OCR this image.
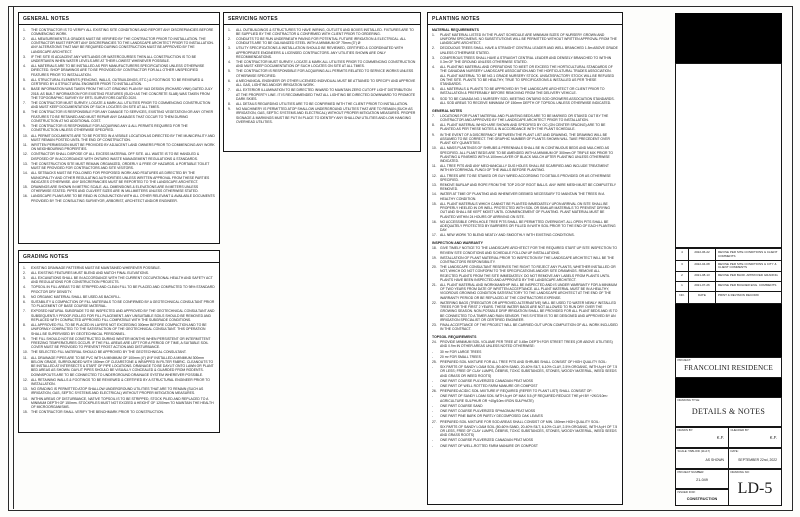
GENERAL NOTES
1.	THE CONTRACTOR IS TO VERIFY ALL EXISTING SITE CONDITIONS AND REPORT ANY DISCREPANCIES BEFORE COMMENCING WORK.
2.	ALL MEASUREMENTS & GRADES MUST BE VERIFIED BY THE CONTRACTOR PRIOR TO INSTALLATION. THE CONTRACTOR MUST REPORT ANY DISCREPANCIES TO THE LANDSCAPE ARCHITECT PRIOR TO INSTALLATION. ANY ALTERATIONS THAT MAY BE REQUIRED DURING CONSTRUCTION MUST BE APPROVED BY THE LANDSCAPE ARCHITECT.
3.	IF THE SITE IS ADJACENT ANY WETLANDS OR WATERCOURSES THEN ALL CONSTRUCTION IS TO BE UNDERTAKEN WHEN WATER LEVELS ARE AT THEIR LOWEST WHENEVER POSSIBLE.
4.	ALL MATERIALS ARE TO BE INSTALLED AS PER MANUFACTURERS SPECIFICATIONS UNLESS OTHERWISE DIRECTED. SHOP DRAWINGS ARE TO BE PROVIDED BY CONTRACTOR FOR ALL OTHER UNSPECIFIED FEATURES PRIOR TO INSTALLATION.
5.	ALL STRUCTURAL ELEMENTS (FENCING, WALLS, OUTBUILDINGS, ETC.) & FOOTINGS TO BE REVIEWED & CERTIFIED BY A STRUCTURAL ENGINEER PRIOR TO INSTALLATION.
6.	BASE INFORMATION WAS TAKEN FROM THE LOT GRADING PLAN BY VA3 DESIGN (RICHARD VINK) DATED JULY 2018. AS BUILT INFORMATION FOR EXISTING FEATURES (SUCH AS THE CONCRETE SLAB) WAS TAKEN FROM THE TOPOGRAPHIC SURVEY BY ERTL SURVEYORS DATED 2020.
7.	THE CONTRACTOR MUST SURVEY, LOCATE & MARK ALL UTILITIES PRIOR TO COMMENCING CONSTRUCTION AND MUST KEEP DOCUMENTATION OF SUCH LOCATES ON SITE AT ALL TIMES.
8.	THE CONTRACTOR IS RESPONSIBLE FOR ANY DAMAGE TO SERVICES, EXISTING VEGETATION OR ANY OTHER FEATURES TO BE RETAINED AND MUST REPAIR ANY DAMAGES THAT OCCUR TO THEM DURING CONSTRUCTION AT NO ADDITIONAL COST.
9.	THE CONTRACTOR IS RESPONSIBLE FOR ACQUIRING ANY & ALL PERMITS REQUIRED FOR THE CONSTRUCTION UNLESS OTHERWISE SPECIFIED.
10. ALL PERMIT DOCUMENTS ARE TO BE POSTED IN A VISIBLE LOCATION AS DIRECTED BY THE MUNICIPALITY AND MUST REMAIN POSTED UNTIL THE END OF CONSTRUCTION.
11.	WRITTEN PERMISSION MUST BE PROVIDED BY ADJACENT LAND OWNERS PRIOR TO COMMENCING ANY WORK ON NEIGHBOURING PROPERTIES.
12. CONTRACTOR SHALL DISPOSE OF ALL EXCESS MATERIAL OFF SITE. ALL WASTE IS TO BE HANDLED & DISPOSED OF IN ACCORDANCE WITH ONTARIO WASTE MANAGEMENT REGULATIONS & STANDARDS.
13. THE CONSTRUCTION SITE MUST REMAIN ORGANIZED, ORDERLY & FREE OF HAZARDS. A PORTABLE TOILET MUST BE PROVIDED FOR CONTRACTORS AND SITE VISITORS.
14. ALL SETBACKS MUST BE FOLLOWED FOR PROPOSED WORK AND FEATURES AS DIRECTED BY THE MUNICIPALITY AND OTHER REGULATING AUTHORITIES UNLESS WRITTEN APPROVAL FROM THESE PARTIES INDICATES OTHERWISE. ANY DISCREPANCIES MUST BE REPORTED TO THE LANDSCAPE ARCHITECT.
15. DRAWINGS ARE SHOWN IN METRIC SCALE. ALL DIMENSIONS & ELEVATIONS ARE IN METERS UNLESS OTHERWISE STATED. PIPES AND CULVERT SIZES ARE IN MILLIMETERS UNLESS OTHERWISE STATED.
16. LANDSCAPE PLANS ARE TO BE READ IN CONJUNCTION WITH ALL OTHER RELEVANT & AVAILABLE DOCUMENTS PROVIDED BY THE CONSULTING SURVEYOR, ARBORIST, ARCHITECT AND/OR ENGINEER.
GRADING NOTES
1.	EXISTING DRAINAGE PATTERNS MUST BE MAINTAINED WHEREVER POSSIBLE.
2.	ALL EXISTING FEATURES MUST BLEND AND MATCH FINAL ELEVATIONS.
3.	ALL EXCAVATIONS SHALL BE IN ACCORDANCE WITH THE CURRENT OCCUPATIONAL HEALTH AND SAFETY ACT AND REGULATIONS FOR CONSTRUCTION PROJECTS.
4.	TOPSOIL IN FILL AREAS TO BE STRIPPED AND CLEAN FILL TO BE PLACED AND COMPACTED TO 98% STANDARD PROCTOR DRY DENSITY.
5.	NO ORGANIC MATERIAL SHALL BE USED AS BACKFILL.
6.	SUITABILITY & COMPACTION OF FILL MATERIALS TO BE CONFIRMED BY A GEOTECHNICAL CONSULTANT PRIOR TO PLACEMENT OF BASE COURSE MATERIAL.
7.	EXPOSED NATURAL SUBGRADE TO BE INSPECTED AND APPROVED BY THE GEOTECHNICAL CONSULTANT AND SUBSEQUENTLY PROOF-ROLLED FOR FILL PLACEMENT. ANY UNSUITABLE SOILS SHOULD BE REMOVED AND REPLACED WITH COMPACTED APPROVED FILL COMPATIBLE WITH THE SUBGRADE CONDITIONS.
8.	ALL APPROVED FILL TO BE PLACED IN LAYERS NOT EXCEEDING 300mm BEFORE COMPACTION AND TO BE UNIFORMLY COMPACTED TO THE SATISFACTION OF THE GEOTECHNICAL CONSULTANT. THIS OPERATION SHALL BE SUPERVISED BY GEOTECHNICAL PERSONNEL.
9.	THE FILL SHOULD NOT BE CONSTRUCTED DURING WINTER MONTHS WHEN PERSISTENT OR INTERMITTENT FREEZING TEMPERATURES OCCUR. IF THE FILL AREAS ARE LEFT FOR A PERIOD OF TIME, A SUITABLE SOIL COVER MUST BE PROVIDED TO PREVENT FROST ACTION AND DISTURBANCE.
10. THE SELECTED FILL MATERIAL SHOULD BE APPROVED BY THE GEOTECHNICAL CONSULTANT.
11.	ALL DRAINAGE PIPES ARE TO BE PVC WITH A MINIMUM OF 100mm (4") Ø IF INSTALLED A MINIMUM 300mm BELOW GRADE, SURROUNDED WITH 150mm OF CLEARSTONE & WRAPPED IN FILTER FABRIC. CLEANOUTS TO BE INSTALLED AT INTERSECTS & START OF PIPE LOCATIONS. DRAINAGE TO BE DAYLIT ONTO LAWN OR PLANT BED AREAS AS SHOWN. DAYLIT PIPES SHOULD BE VISUALLY CONCEALED & GUARDED FROM RODENTS. DOWNSPOUTS ARE TO BE CONNECTED TO UNDERGROUND DRAINAGE SYSTEM WHEREVER POSSIBLE.
12. ALL RETAINING WALLS & FOOTINGS TO BE REVIEWED & CERTIFIED BY A STRUCTURAL ENGINEER PRIOR TO INSTALLATION.
13. NO GRADING IS PERMITTED ATOP SHALLOW UNDERGROUND UTILITIES THAT ARE TO REMAIN (SUCH AS IRRIGATION, GAS, SEPTIC SYSTEMS AND ELECTRICAL) WITHOUT PROPER MITIGATION MEASURES.
14. WITHIN AREAS OF DISTURBANCE, NATIVE TOPSOIL IS TO BE STRIPPED, STOCK PILED AND REPLACED TO A MINIMUM DEPTH OF 150mm. STOCKPILES MUST NOT EXCEED A HEIGHT OF 1200mm TO MAINTAIN THE HEALTH OF MICROORGANISMS.
15. THE CONTRACTOR SHALL VERIFY THE BENCHMARK PRIOR TO CONSTRUCTION.
SERVICING NOTES
1.	ALL OUTBUILDINGS & STRUCTURES TO HAVE WIRING, OUTLETS AND BOXES INSTALLED. FIXTURES ARE TO BE SUPPLIED BY THE CONTRACTOR & CONFIRMED WITH CLIENT PRIOR TO ORDERING.
2.	CONDUITS TO BE RUN UNDERNEATH PAVING FOR POTENTIAL FUTURE IRRIGATION & ELECTRICAL. ALL CONDUITS ARE TO BE GALVANIZED STEEL WITH A MINIMUM OF 75mm (3") Ø
3.	UTILITY SPECIFICATIONS & INSTALLATION SHOULD BE REVIEWED, CERTIFIED & COORDINATED WITH APPROPRIATE ENGINEERS & LICENSED CONTRACTORS. ANY UTILITIES SHOWN ARE ONLY RECOMMENDATIONS.
4.	THE CONTRACTOR MUST SURVEY, LOCATE & MARK ALL UTILITIES PRIOR TO COMMENCING CONSTRUCTION AND MUST KEEP DOCUMENTATION OF SUCH LOCATES ON SITE AT ALL TIMES.
5.	THE CONTRACTOR IS RESPONSIBLE FOR ACQUIRING ALL PERMITS RELATED TO SERVICE WORKS UNLESS OTHERWISE SPECIFIED.
6.	A MECHANICAL ENGINEER OR OTHER LICENSED INDIVIDUAL MUST BE ATTAINED TO SPECIFY AND APPROVE ALL GAS, LIGHTING AND/OR IRRIGATION WORK.
7.	ALL EXTERIOR ILLUMINATION TO BE DIRECTED INWARD TO MAINTAIN ZERO CUTOFF LIGHT DISTRIBUTION AT THE PROPERTY LINE. IT IS RECOMMENDED THAT ALL LIGHTING BE DIRECTED DOWNWARD TO PROMOTE DARK SKIES.
8.	ALL DETAILS REGARDING UTILITIES ARE TO BE CONFIRMED WITH THE CLIENT PRIOR TO INSTALLATION.
9.	NO MACHINERY IS PERMITTED ATOP SHALLOW UNDERGROUND UTILITIES THAT ARE TO REMAIN (SUCH AS IRRIGATION, GAS, SEPTIC SYSTEMS AND ELECTRICAL) WITHOUT PROPER MITIGATION MEASURES. PROPER SIGNAGE & MARKINGS MUST BE PUT IN PLACE TO IDENTIFY ANY SHALLOW UTILITIES AND LOW HANGING OVERHEAD UTILITIES.
PLANTING NOTES
MATERIAL REQUIREMENTS
1.	PLANT MATERIAL LISTED IN THE PLANT SCHEDULE ARE MINIMUM SIZES OF NURSERY GROWN AND UNIFORM SPECIMENS. NO SUBSTITUTIONS WILL BE PERMITTED WITHOUT WRITTEN APPROVAL FROM THE LANDSCAPE ARCHITECT.
2.	DECIDUOUS TREES SHALL HAVE A STRAIGHT CENTRAL LEADER AND WELL BRANCHED 1.5m ABOVE GRADE UNLESS OTHERWISE STATED.
3.	CONIFEROUS TREES SHALL HAVE A STRAIGHT CENTRAL LEADER AND DENSELY BRANCHED TO WITHIN 0.3m OF THE GROUND UNLESS OTHERWISE STATED.
4.	ALL PLANTING MATERIAL AND OPERATIONS TO MEET OR EXCEED THE HORTICULTURAL STANDARDS OF THE CANADIAN NURSERY LANDSCAPE ASSOCIATION AND THE HORTICULTURAL TRADES ASSOCIATION. ALL PLANT MATERIAL TO BE NO.1 GRADE NURSERY STOCK. UNSATISFACTORY STOCK WILL BE REFUSED ON THE SITE. PLANTS TO BE HEALTHY, TRUE TO SPECIFICATIONS & INSTALLED AS PER THESE STANDARDS.
5.	ALL MATERIALS & PLANTS TO BE APPROVED BY THE LANDSCAPE ARCHITECT OR CLIENT PRIOR TO INSTALLATION & PREFERABLY BEFORE REMOVING FROM THE DELIVERY VEHICLE.
6.	SOD TO BE CANADA NO.1 NURSERY SOD, MEETING ONTARIO SOD GROWERS ASSOCIATION STANDARDS. ALL SOD AREAS TO RECEIVE MINIMUM OF 150mm DEPTH OF TOPSOIL UNLESS OTHERWISE INDICATED.
GENERAL NOTES
7.	LOCATIONS FOR PLANT MATERIAL AND PLANTING BEDS ARE TO BE MARKED OR STAKED OUT BY THE CONTRACTOR AND APPROVED BY THE LANDSCAPE ARCHITECT PRIOR TO INSTALLATION.
8.	ALL PLANT MATERIAL WHICH ARE SHOWN AND SPECIFIED BY OC (ON CENTER SPACING) ARE TO BE PLANTED AS PER THESE NOTES & IN ACCORDANCE WITH THE PLANT SCHEDULE.
9.	IN THE EVENT OF A DISCREPANCY BETWEEN THE PLANT LIST AND DRAWING, THE DRAWING WILL BE ASSUMED TO BE CORRECT. THE GRAPHIC NUMBER OF PLANTS SHOWN WILL TAKE PRECEDENT OVER PLANT KEY QUANTITIES.
10. ALL MASS PLANTINGS OF SHRUBS & PERENNIALS SHALL BE IN CONTINUOUS BEDS AND MULCHED AS SPECIFIED. ALL PLANT BEDS ARE TO BE AMENDED WITH A MINIMUM OF 300mm OF TRIPLE MIX PRIOR TO PLANTING & FINISHED WITH A 100mm LAYER OF BLACK MULCH AFTER PLANTING UNLESS OTHERWISE INDICATED.
11.	ALL TREE PITS AND ANY MECHANICALLY DUG HOLES SHALL BE SCARIFIED AND INCLUDE TREATMENT WITH MYCORRHIZAL FUNGI OF THE WALLS BEFORE PLANTING.
12. ALL TREES ARE TO BE STAKED OR GUY WIRED ACCORDING TO DETAILS PROVIDED OR AS OTHERWISE SPECIFIED.
13. REMOVE BURLAP AND ROPE FROM THE TOP 2/3 OF ROOT BALLS. ANY WIRE MESH MUST BE COMPLETELY REMOVED.
14. WATER AT TIME OF PLANTING AND WHENEVER DEEMED NECESSARY TO MAINTAIN THE TREES IN A HEALTHY CONDITION.
15. ALL PLANT MATERIALS WHICH CANNOT BE PLANTED IMMEDIATELY UPON ARRIVAL ON SITE SHALL BE PROPERLY HEELED IN OR WELL PROTECTED WITH SOIL OR SIMILAR MATERIALS TO PREVENT DRYING OUT AND SHALL BE KEPT MOIST UNTIL COMMENCEMENT OF PLANTING. PLANT MATERIAL MUST BE PLANTED WITHIN 24 HOURS OF ARRIVING ON SITE.
16. NO ACCESSIBLE OPEN-HOLE TREE PITS SHALL BE PERMITTED OVERNIGHT. ALL OPEN PITS SHALL BE ADEQUATELY PROTECTED BY BARRIERS OR FILLED IN WITH SOIL PRIOR TO THE END OF EACH PLANTING DAY.
17. ALL NEW WORK TO BLEND NEATLY AND SMOOTHLY WITH EXISTING CONDITIONS.
INSPECTION AND WARRANTY
18. GIVE TIMELY NOTICE TO THE LANDSCAPE ARCHITECT FOR THE REQUIRED START UP SITE INSPECTION TO REVIEW SITE CONDITIONS AND SCHEDULE FOLLOW UP INSTALLATIONS.
19. INSTALLATION OF PLANT MATERIAL PRIOR TO INSPECTION BY THE LANDSCAPE ARCHITECT WILL BE THE CONTRACTORS RESPONSIBILITY.
20. THE LANDSCAPE CONSULTANT RESERVES THE RIGHT TO REJECT ANY PLANTS, WHETHER INSTALLED OR NOT, WHICH DO NOT CONFORM TO THE SPECIFICATIONS AND/OR SITE DRAWINGS. REMOVE ALL REJECTED PLANTS FROM THE SITE IMMEDIATELY. DO NOT REMOVE ANY LABELS FROM PLANTS UNTIL PLANTS HAVE BEEN INSPECTED AND APPROVED BY THE LANDSCAPE ARCHITECT.
21. ALL PLANT MATERIAL AND WORKMANSHIP WILL BE INSPECTED AND IS UNDER WARRANTY FOR A MINIMUM OF TWO YEARS FROM DATE OF WRITTEN ACCEPTANCE. ALL PLANT MATERIAL MUST BE IN A HEALTHY, VIGOROUS GROWING CONDITION SATISFACTORY TO THE LANDSCAPE ARCHITECT AT THE END OF THE WARRANTY PERIOD OR BE REPLACED AT THE CONTRACTORS EXPENSE.
22. WATERING BAGS (TREEGATOR OR APPROVED ALTERNATIVE) WILL BE USED TO WATER NEWLY INSTALLED TREES FOR THE FIRST 2 YEARS. THESE WATER BAGS ARE NOT ALLOWED TO RUN DRY OVER THE GROWING SEASON. NON-POTABLE DRIP IRRIGATION SHALL BE PROVIDED FOR ALL PLANT BEDS AND IS TO BE CONNECTED TO A TIMER AND RAIN SENSOR. THIS SYSTEM IS TO BE DESIGNED AND APPROVED BY AN IRRIGATION SPECIALIST OR CERTIFIED ENGINEER.
23. FINAL ACCEPTANCE OF THE PROJECT WILL BE CARRIED OUT UPON COMPLETION OF ALL WORK INCLUDED IN THE CONTRACT.
TOPSOIL REQUIREMENTS
24. PROVIDE MINIMUM SOIL VOLUME PER TREE AT 0.45m DEPTH FOR STREET TREES (OR ABOVE UTILITIES) AND 0.9m IN OTHER AREAS UNLESS NOTED OTHERWISE:
-	30 m³ FOR LARGE TREES
-	20 m³ FOR SMALL TREES
25. PREPARED SOIL MIXTURE FOR ALL TREE PITS AND SHRUBS SHALL CONSIST OF HIGH QUALITY SOIL:
-	SIX PARTS OF SANDY LOAM SOIL (50-60% SAND, 20-40% SILT, 6-10% CLAY, 2-5% ORGANIC, WITH A pH OF 7.5 OR LESS; FREE OF CLAY LUMPS, DEBRIS, TOXIC SUBSTANCES, STONES, WOODY MATERIAL, WEED SEEDS AND GRASS OR WEED ROOTS)
-	ONE PART COARSE PULVERIZED CANADIAN PEAT MOSS
-	ONE PART OF WELL ROTTED FARM MANURE OR COMPOST
26. PREPARED ACIDIC SOIL MIXTURE IF REQUIRED (REFER TO PLANT LIST) SHALL CONSIST OF:
-	ONE PART OF SANDY LOAM SOIL WITH A pH OF MAX 5.5 (IF REQUIRED REDUCE THE pH BY +2KG/10m² AGRICULTURE SULPHUR OR +40g/10m² IRON SULPHATE)
-	ONE PART COARSE SAND
-	ONE PART COARSE PULVERIZED SPHAGNUM PEAT MOSS
-	ONE PART PINE BARK OR PARTLY DECOMPOSED OAK LEAVES
27. PREPARED SOIL MIXTURE FOR SOD AREAS SHALL CONSIST OF MIN. 150mm HIGH QUALITY SOIL:
-	SIX PARTS OF SANDY LOAM SOIL (50-60% SAND, 20-40% SILT, 6-10% CLAY, 2-5% ORGANIC, WITH A pH OF 7.5 OR LESS, FREE OF CLAY LUMPS, DEBRIS, TOXIC SUBSTANCES, STONES, WOODY MATERIAL, WEED SEEDS AND GRASS ROOTS)
-	ONE PART COARSE PULVERIZED CANADIAN PEAT MOSS
-	ONE PART OF WELL-ROTTED FARM MANURE OR COMPOST
4	2022-06-22	REVISE PER SITE CONDITIONS & CLIENT COMMENTS
3	2022-04-08	REVISE PER SITE CONDITIONS & CITY & CLIENT COMMENTS
2	2021-08-13	REVISE PER BLDR. APPROVED GRADING
1	2021-07-26	REVISE PER BUILDER ENG. COMMENTS
NO.	DATE	PRINT & REVISION RECORD
PROJECT:
FRANCOLINI RESIDENCE
DRAWING TITLE:
DETAILS & NOTES
DRAWN BY:
K.F.
CHECKED BY:
K.F.
SCALE: TABLOID (11x17)
AS SHOWN
DATE:
SEPTEMBER 22nd, 2022
PROJECT NUMBER:
21-049
ISSUED FOR:
CONSTRUCTION
DRAWING NO:
LD-5
